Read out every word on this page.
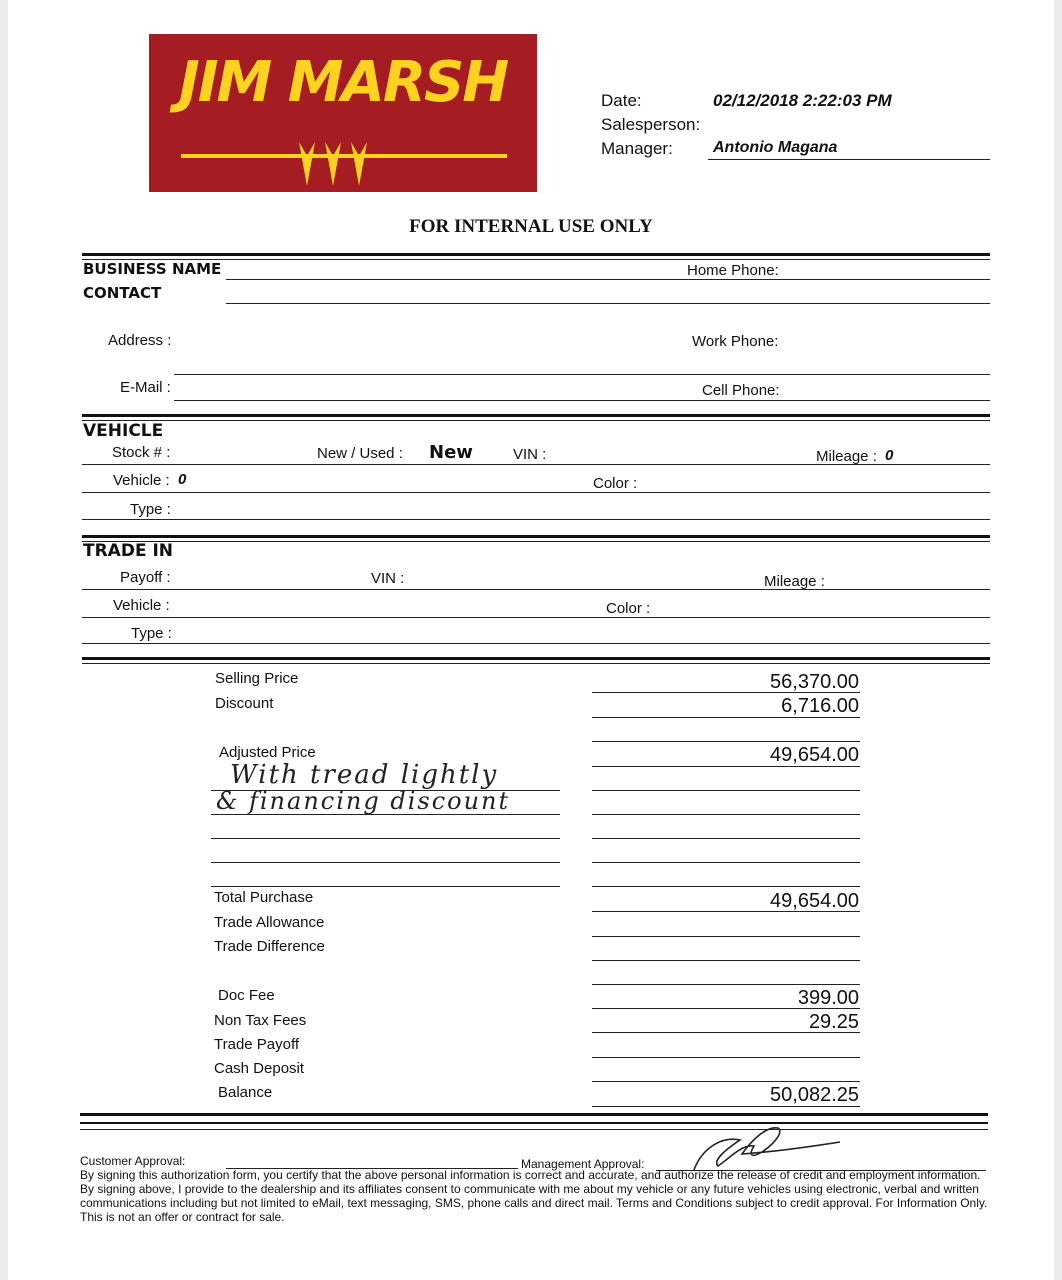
JIM MARSH	Date:	02/12/2018 2:22:03 PM
Salesperson:
Manager:	Antonio Magana
FOR INTERNAL USE ONLY
BUSINESS NAME
CONTACT
Home Phone:
Address :	Work Phone:
E-Mail :	Cell Phone:
VEHICLE
Stock # :	New / Used : New	VIN :	Mileage : 0
Vehicle : 0	Color :
Type :
TRADE IN
Payoff :	VIN :	Mileage :
Vehicle :	Color :
Type :
Selling Price	56,370.00
Discount	6,716.00
Adjusted Price	49,654.00
With tread lightly
& financing discount
Total Purchase	49,654.00
Trade Allowance
Trade Difference
Doc Fee	399.00
Non Tax Fees	29.25
Trade Payoff
Cash Deposit
Balance	50,082.25
Customer Approval:	Management Approval:
By signing this authorization form, you certify that the above personal information is correct and accurate, and authorize the release of credit and employment information. By signing above, I provide to the dealership and its affiliates consent to communicate with me about my vehicle or any future vehicles using electronic, verbal and written communications including but not limited to eMail, text messaging, SMS, phone calls and direct mail. Terms and Conditions subject to credit approval. For Information Only. This is not an offer or contract for sale.
